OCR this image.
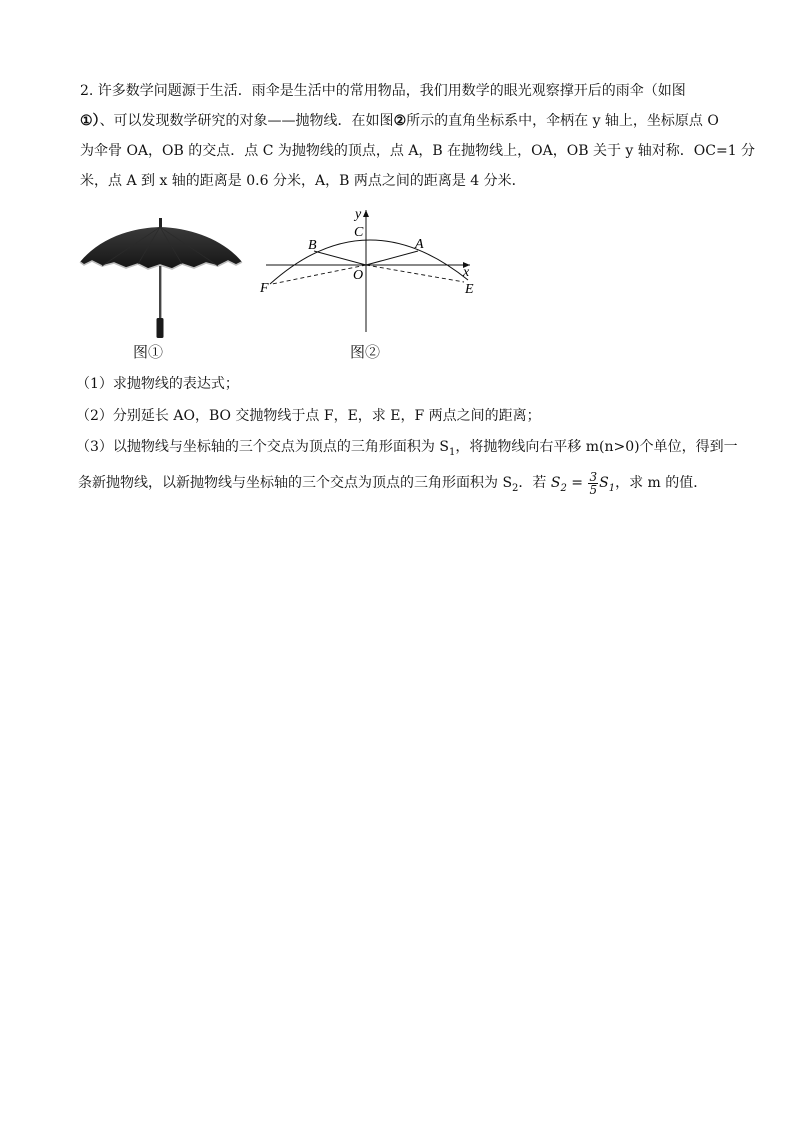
2. 许多数学问题源于生活．雨伞是生活中的常用物品，我们用数学的眼光观察撑开后的雨伞（如图
①）、可以发现数学研究的对象——抛物线．在如图②所示的直角坐标系中，伞柄在 y 轴上，坐标原点 O
为伞骨 OA，OB 的交点．点 C 为抛物线的顶点，点 A，B 在抛物线上，OA，OB 关于 y 轴对称．OC=1 分
米，点 A 到 x 轴的距离是 0.6 分米，A，B 两点之间的距离是 4 分米．
图①
y
C
B	A
O	x
F	E
图②
（1）求抛物线的表达式；
（2）分别延长 AO，BO 交抛物线于点 F，E，求 E，F 两点之间的距离；
（3）以抛物线与坐标轴的三个交点为顶点的三角形面积为 $S_1$，将抛物线向右平移 m(n>0)个单位，得到一
条新抛物线，以新抛物线与坐标轴的三个交点为顶点的三角形面积为 $S_2$．若 $S_2 = \frac{3}{5} S_1$，求 m 的值．
